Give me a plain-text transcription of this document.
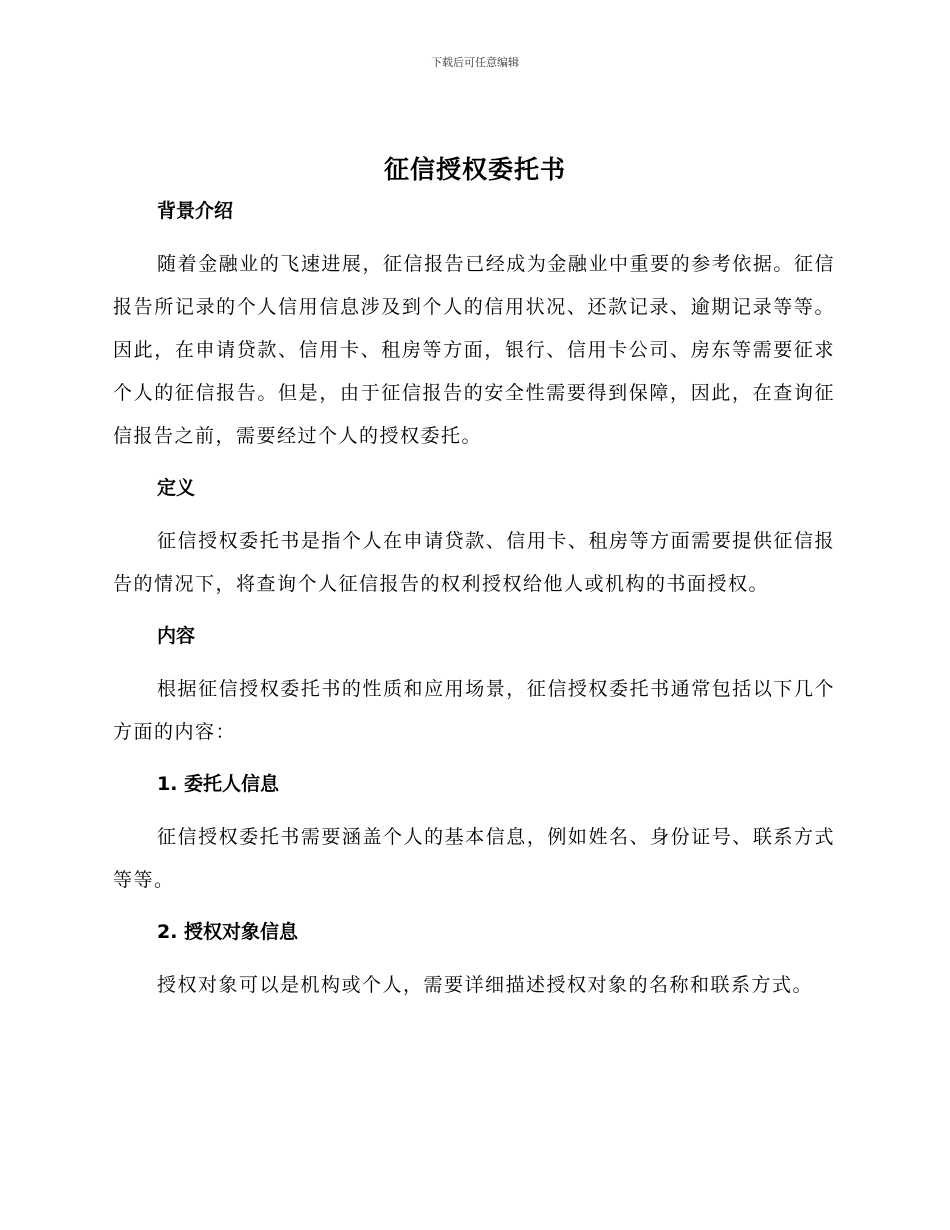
下载后可任意编辑
征信授权委托书
背景介绍

随着金融业的飞速进展，征信报告已经成为金融业中重要的参考依据。征信报告所记录的个人信用信息涉及到个人的信用状况、还款记录、逾期记录等等。因此，在申请贷款、信用卡、租房等方面，银行、信用卡公司、房东等需要征求个人的征信报告。但是，由于征信报告的安全性需要得到保障，因此，在查询征信报告之前，需要经过个人的授权委托。

定义

征信授权委托书是指个人在申请贷款、信用卡、租房等方面需要提供征信报告的情况下，将查询个人征信报告的权利授权给他人或机构的书面授权。

内容

根据征信授权委托书的性质和应用场景，征信授权委托书通常包括以下几个方面的内容：

1. 委托人信息

征信授权委托书需要涵盖个人的基本信息，例如姓名、身份证号、联系方式等等。

2. 授权对象信息

授权对象可以是机构或个人，需要详细描述授权对象的名称和联系方式。
